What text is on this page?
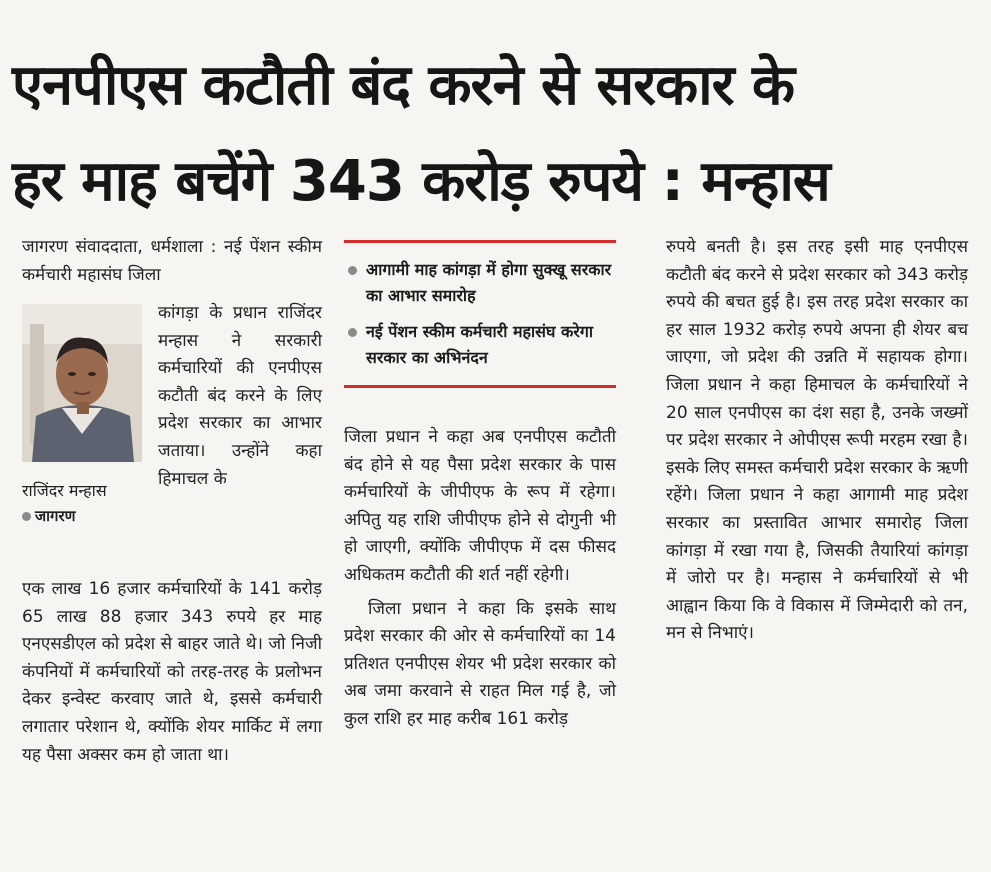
एनपीएस कटौती बंद करने से सरकार के
हर माह बचेंगे 343 करोड़ रुपये : मन्हास

जागरण संवाददाता, धर्मशाला : नई पेंशन स्कीम कर्मचारी महासंघ जिला

राजिंदर मन्हास
जागरण

कांगड़ा के प्रधान राजिंदर मन्हास ने सरकारी कर्मचारियों की एनपीएस कटौती बंद करने के लिए प्रदेश सरकार का आभार जताया। उन्होंने कहा हिमाचल के

एक लाख 16 हजार कर्मचारियों के 141 करोड़ 65 लाख 88 हजार 343 रुपये हर माह एनएसडीएल को प्रदेश से बाहर जाते थे। जो निजी कंपनियों में कर्मचारियों को तरह-तरह के प्रलोभन देकर इन्वेस्ट करवाए जाते थे, इससे कर्मचारी लगातार परेशान थे, क्योंकि शेयर मार्किट में लगा यह पैसा अक्सर कम हो जाता था।

आगामी माह कांगड़ा में होगा सुक्खू सरकार का आभार समारोह
नई पेंशन स्कीम कर्मचारी महासंघ करेगा सरकार का अभिनंदन

जिला प्रधान ने कहा अब एनपीएस कटौती बंद होने से यह पैसा प्रदेश सरकार के पास कर्मचारियों के जीपीएफ के रूप में रहेगा। अपितु यह राशि जीपीएफ होने से दोगुनी भी हो जाएगी, क्योंकि जीपीएफ में दस फीसद अधिकतम कटौती की शर्त नहीं रहेगी।

जिला प्रधान ने कहा कि इसके साथ प्रदेश सरकार की ओर से कर्मचारियों का 14 प्रतिशत एनपीएस शेयर भी प्रदेश सरकार को अब जमा करवाने से राहत मिल गई है, जो कुल राशि हर माह करीब 161 करोड़

रुपये बनती है। इस तरह इसी माह एनपीएस कटौती बंद करने से प्रदेश सरकार को 343 करोड़ रुपये की बचत हुई है। इस तरह प्रदेश सरकार का हर साल 1932 करोड़ रुपये अपना ही शेयर बच जाएगा, जो प्रदेश की उन्नति में सहायक होगा। जिला प्रधान ने कहा हिमाचल के कर्मचारियों ने 20 साल एनपीएस का दंश सहा है, उनके जख्मों पर प्रदेश सरकार ने ओपीएस रूपी मरहम रखा है। इसके लिए समस्त कर्मचारी प्रदेश सरकार के ऋणी रहेंगे। जिला प्रधान ने कहा आगामी माह प्रदेश सरकार का प्रस्तावित आभार समारोह जिला कांगड़ा में रखा गया है, जिसकी तैयारियां कांगड़ा में जोरो पर है। मन्हास ने कर्मचारियों से भी आह्वान किया कि वे विकास में जिम्मेदारी को तन, मन से निभाएं।
